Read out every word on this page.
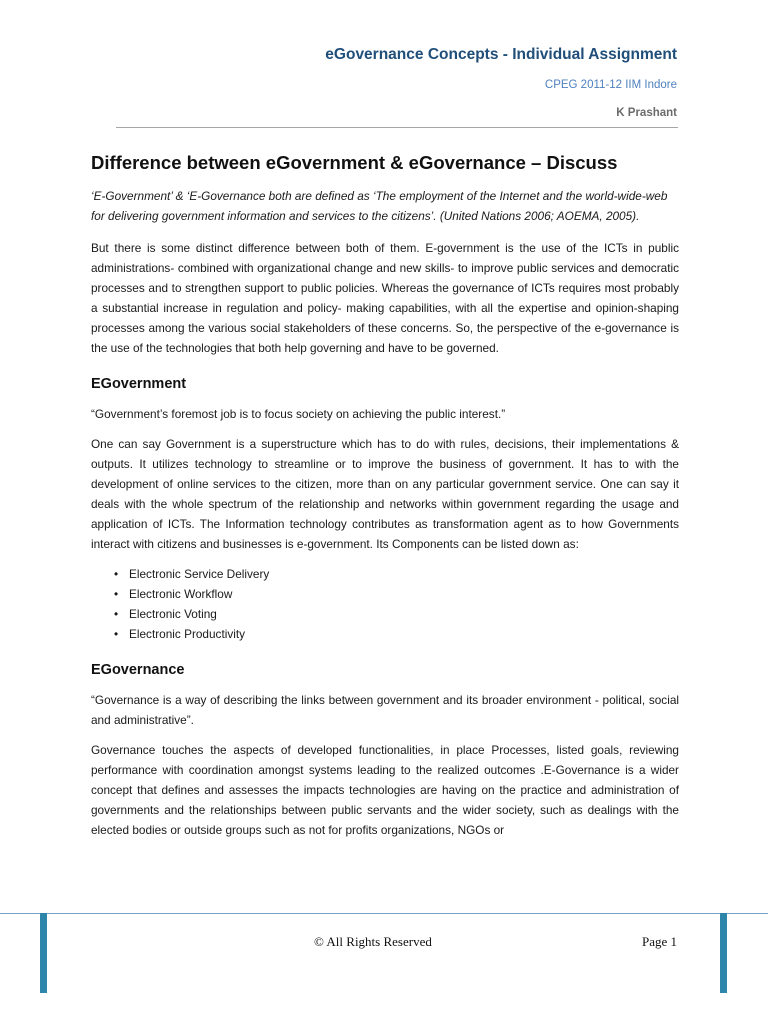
eGovernance Concepts - Individual Assignment
CPEG 2011-12 IIM Indore
K Prashant
Difference between eGovernment & eGovernance – Discuss

‘E-Government’ & ‘E-Governance both are defined as ‘The employment of the Internet and the world-wide-web for delivering government information and services to the citizens’. (United Nations 2006; AOEMA, 2005).

But there is some distinct difference between both of them. E-government is the use of the ICTs in public administrations- combined with organizational change and new skills- to improve public services and democratic processes and to strengthen support to public policies. Whereas the governance of ICTs requires most probably a substantial increase in regulation and policy- making capabilities, with all the expertise and opinion-shaping processes among the various social stakeholders of these concerns. So, the perspective of the e-governance is the use of the technologies that both help governing and have to be governed.

EGovernment

“Government’s foremost job is to focus society on achieving the public interest.”

One can say Government is a superstructure which has to do with rules, decisions, their implementations & outputs. It utilizes technology to streamline or to improve the business of government. It has to with the development of online services to the citizen, more than on any particular government service. One can say it deals with the whole spectrum of the relationship and networks within government regarding the usage and application of ICTs. The Information technology contributes as transformation agent as to how Governments interact with citizens and businesses is e-government. Its Components can be listed down as:

• Electronic Service Delivery
• Electronic Workflow
• Electronic Voting
• Electronic Productivity
EGovernance

“Governance is a way of describing the links between government and its broader environment - political, social and administrative”.

Governance touches the aspects of developed functionalities, in place Processes, listed goals, reviewing performance with coordination amongst systems leading to the realized outcomes .E-Governance is a wider concept that defines and assesses the impacts technologies are having on the practice and administration of governments and the relationships between public servants and the wider society, such as dealings with the elected bodies or outside groups such as not for profits organizations, NGOs or

© All Rights Reserved	Page 1
